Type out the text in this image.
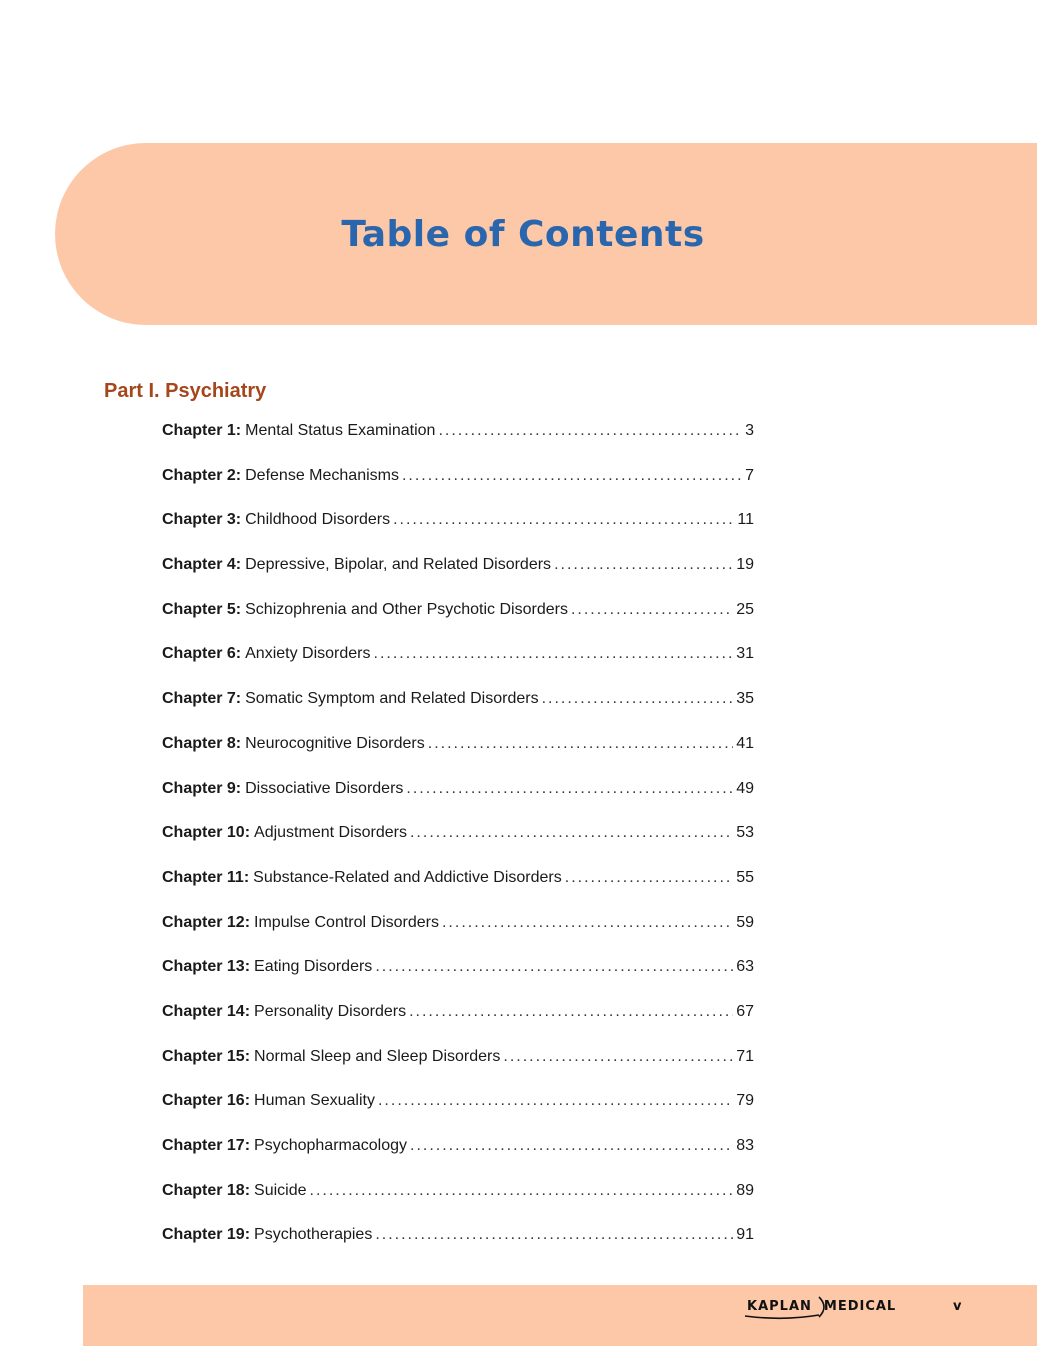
Table of Contents
Part I. Psychiatry
Chapter 1: Mental Status Examination .....	3
Chapter 2: Defense Mechanisms .....	7
Chapter 3: Childhood Disorders .....	11
Chapter 4: Depressive, Bipolar, and Related Disorders .....	19
Chapter 5: Schizophrenia and Other Psychotic Disorders .....	25
Chapter 6: Anxiety Disorders .....	31
Chapter 7: Somatic Symptom and Related Disorders .....	35
Chapter 8: Neurocognitive Disorders .....	41
Chapter 9: Dissociative Disorders .....	49
Chapter 10: Adjustment Disorders .....	53
Chapter 11: Substance-Related and Addictive Disorders .....	55
Chapter 12: Impulse Control Disorders .....	59
Chapter 13: Eating Disorders .....	63
Chapter 14: Personality Disorders .....	67
Chapter 15: Normal Sleep and Sleep Disorders .....	71
Chapter 16: Human Sexuality .....	79
Chapter 17: Psychopharmacology .....	83
Chapter 18: Suicide .....	89
Chapter 19: Psychotherapies .....	91
KAPLAN MEDICAL	v
